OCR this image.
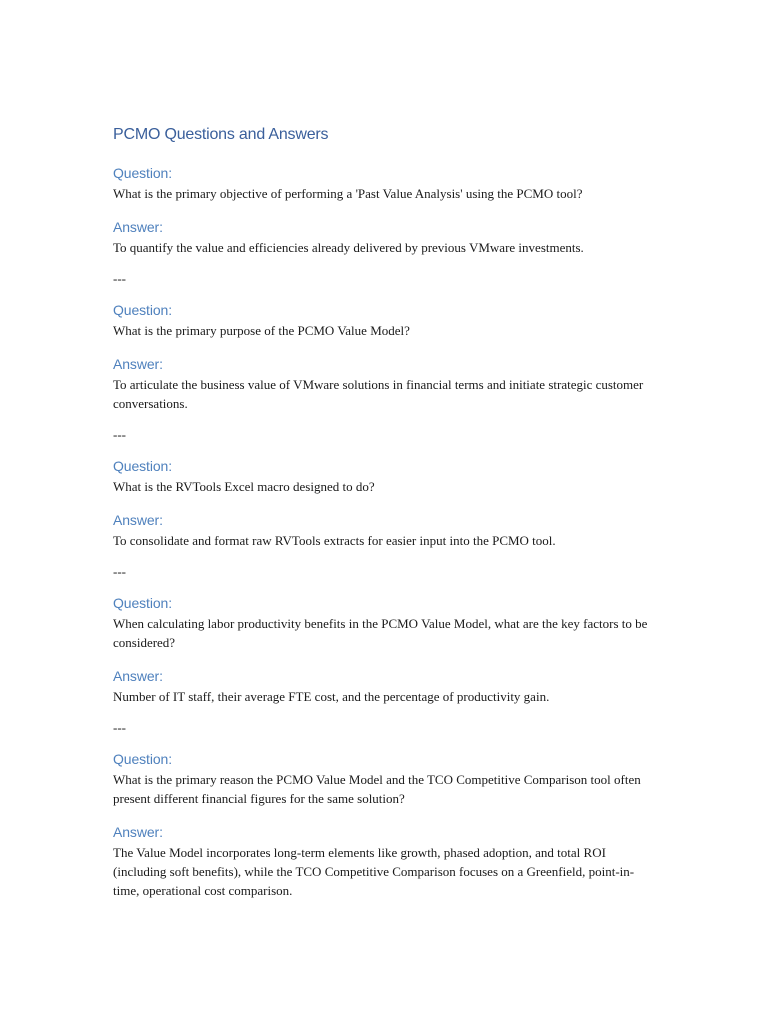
PCMO Questions and Answers
Question:

What is the primary objective of performing a 'Past Value Analysis' using the PCMO tool?

Answer:

To quantify the value and efficiencies already delivered by previous VMware investments.

---

Question:

What is the primary purpose of the PCMO Value Model?

Answer:

To articulate the business value of VMware solutions in financial terms and initiate strategic customer conversations.

---

Question:

What is the RVTools Excel macro designed to do?

Answer:

To consolidate and format raw RVTools extracts for easier input into the PCMO tool.

---

Question:

When calculating labor productivity benefits in the PCMO Value Model, what are the key factors to be considered?

Answer:

Number of IT staff, their average FTE cost, and the percentage of productivity gain.

---

Question:

What is the primary reason the PCMO Value Model and the TCO Competitive Comparison tool often present different financial figures for the same solution?

Answer:

The Value Model incorporates long-term elements like growth, phased adoption, and total ROI (including soft benefits), while the TCO Competitive Comparison focuses on a Greenfield, point-in-time, operational cost comparison.
